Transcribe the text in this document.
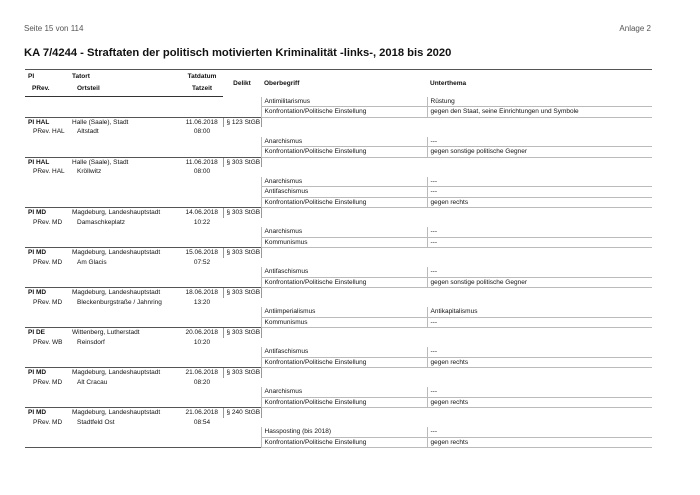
Seite 15 von 114	Anlage 2
KA 7/4244 - Straftaten der politisch motivierten Kriminalität -links-, 2018 bis 2020
PI	Tatort	Tatdatum	Delikt	Oberbegriff	Unterthema
PRev.	Ortsteil	Tatzeit			
				Antimilitarismus	Rüstung
				Konfrontation/Politische Einstellung	gegen den Staat, seine Einrichtungen und Symbole
PI HAL	Halle (Saale), Stadt	11.06.2018	§ 123 StGB		
PRev. HAL	Altstadt	08:00			
				Anarchismus	---
				Konfrontation/Politische Einstellung	gegen sonstige politische Gegner
PI HAL	Halle (Saale), Stadt	11.06.2018	§ 303 StGB		
PRev. HAL	Kröllwitz	08:00			
				Anarchismus	---
				Antifaschismus	---
				Konfrontation/Politische Einstellung	gegen rechts
PI MD	Magdeburg, Landeshauptstadt	14.06.2018	§ 303 StGB		
PRev. MD	Damaschkeplatz	10:22			
				Anarchismus	---
				Kommunismus	---
PI MD	Magdeburg, Landeshauptstadt	15.06.2018	§ 303 StGB		
PRev. MD	Am Glacis	07:52			
				Antifaschismus	---
				Konfrontation/Politische Einstellung	gegen sonstige politische Gegner
PI MD	Magdeburg, Landeshauptstadt	18.06.2018	§ 303 StGB		
PRev. MD	Bleckenburgstraße / Jahnring	13:20			
				Antiimperialismus	Antikapitalismus
				Kommunismus	---
PI DE	Wittenberg, Lutherstadt	20.06.2018	§ 303 StGB		
PRev. WB	Reinsdorf	10:20			
				Antifaschismus	---
				Konfrontation/Politische Einstellung	gegen rechts
PI MD	Magdeburg, Landeshauptstadt	21.06.2018	§ 303 StGB		
PRev. MD	Alt Cracau	08:20			
				Anarchismus	---
				Konfrontation/Politische Einstellung	gegen rechts
PI MD	Magdeburg, Landeshauptstadt	21.06.2018	§ 240 StGB		
PRev. MD	Stadtfeld Ost	08:54			
				Hassposting (bis 2018)	---
				Konfrontation/Politische Einstellung	gegen rechts
